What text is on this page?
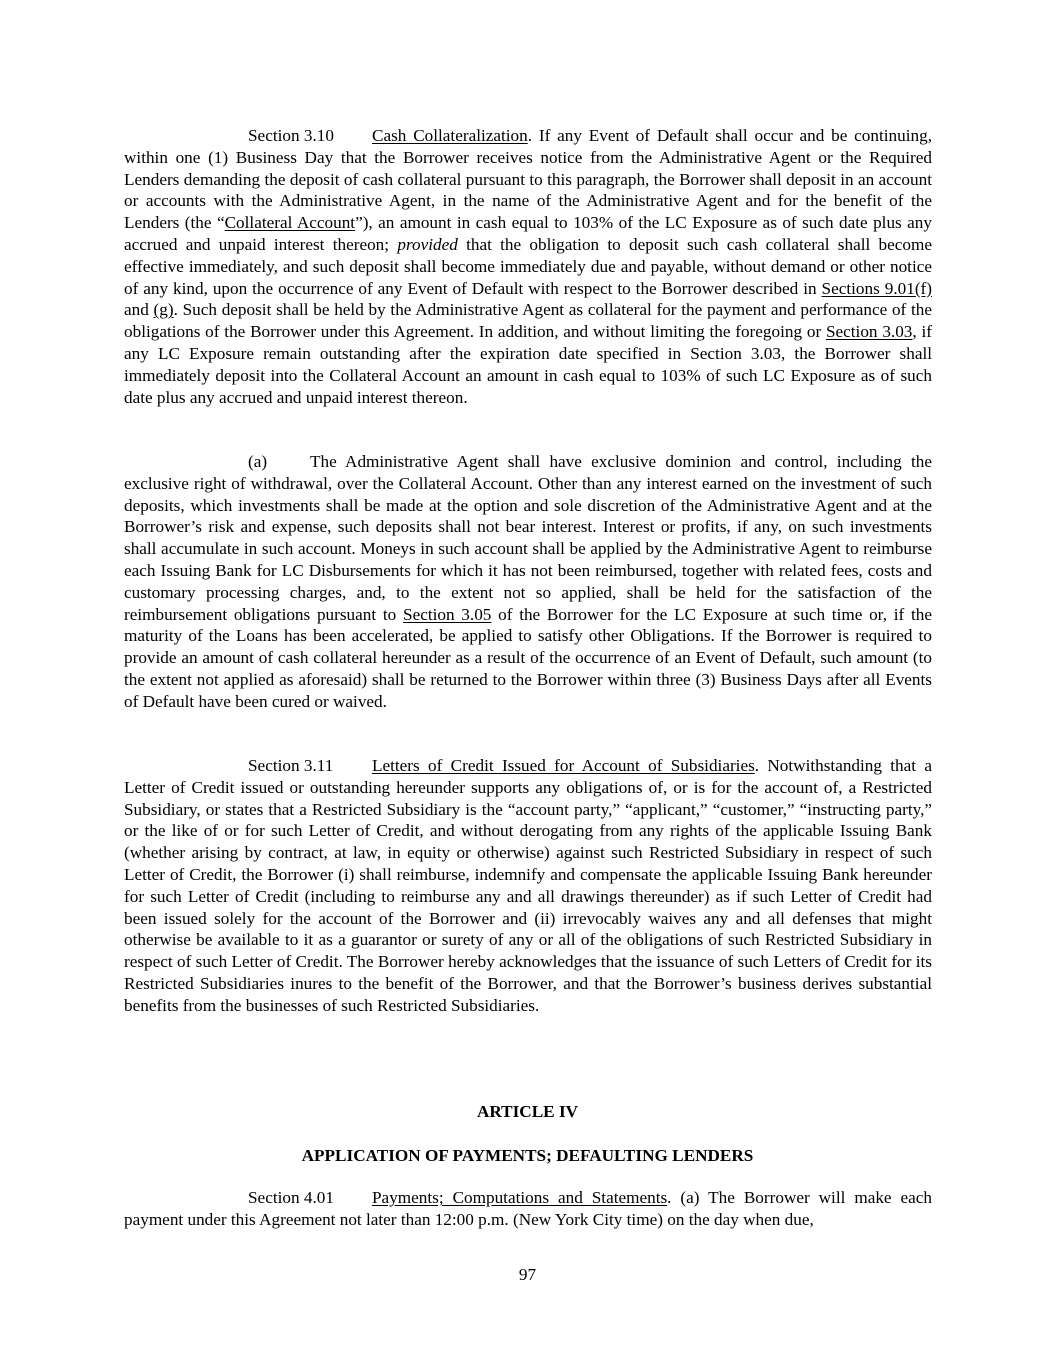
Section 3.10 Cash Collateralization. If any Event of Default shall occur and be continuing, within one (1) Business Day that the Borrower receives notice from the Administrative Agent or the Required Lenders demanding the deposit of cash collateral pursuant to this paragraph, the Borrower shall deposit in an account or accounts with the Administrative Agent, in the name of the Administrative Agent and for the benefit of the Lenders (the “Collateral Account”), an amount in cash equal to 103% of the LC Exposure as of such date plus any accrued and unpaid interest thereon; provided that the obligation to deposit such cash collateral shall become effective immediately, and such deposit shall become immediately due and payable, without demand or other notice of any kind, upon the occurrence of any Event of Default with respect to the Borrower described in Sections 9.01(f) and (g). Such deposit shall be held by the Administrative Agent as collateral for the payment and performance of the obligations of the Borrower under this Agreement. In addition, and without limiting the foregoing or Section 3.03, if any LC Exposure remain outstanding after the expiration date specified in Section 3.03, the Borrower shall immediately deposit into the Collateral Account an amount in cash equal to 103% of such LC Exposure as of such date plus any accrued and unpaid interest thereon.

(a) The Administrative Agent shall have exclusive dominion and control, including the exclusive right of withdrawal, over the Collateral Account. Other than any interest earned on the investment of such deposits, which investments shall be made at the option and sole discretion of the Administrative Agent and at the Borrower’s risk and expense, such deposits shall not bear interest. Interest or profits, if any, on such investments shall accumulate in such account. Moneys in such account shall be applied by the Administrative Agent to reimburse each Issuing Bank for LC Disbursements for which it has not been reimbursed, together with related fees, costs and customary processing charges, and, to the extent not so applied, shall be held for the satisfaction of the reimbursement obligations pursuant to Section 3.05 of the Borrower for the LC Exposure at such time or, if the maturity of the Loans has been accelerated, be applied to satisfy other Obligations. If the Borrower is required to provide an amount of cash collateral hereunder as a result of the occurrence of an Event of Default, such amount (to the extent not applied as aforesaid) shall be returned to the Borrower within three (3) Business Days after all Events of Default have been cured or waived.

Section 3.11 Letters of Credit Issued for Account of Subsidiaries. Notwithstanding that a Letter of Credit issued or outstanding hereunder supports any obligations of, or is for the account of, a Restricted Subsidiary, or states that a Restricted Subsidiary is the “account party,” “applicant,” “customer,” “instructing party,” or the like of or for such Letter of Credit, and without derogating from any rights of the applicable Issuing Bank (whether arising by contract, at law, in equity or otherwise) against such Restricted Subsidiary in respect of such Letter of Credit, the Borrower (i) shall reimburse, indemnify and compensate the applicable Issuing Bank hereunder for such Letter of Credit (including to reimburse any and all drawings thereunder) as if such Letter of Credit had been issued solely for the account of the Borrower and (ii) irrevocably waives any and all defenses that might otherwise be available to it as a guarantor or surety of any or all of the obligations of such Restricted Subsidiary in respect of such Letter of Credit. The Borrower hereby acknowledges that the issuance of such Letters of Credit for its Restricted Subsidiaries inures to the benefit of the Borrower, and that the Borrower’s business derives substantial benefits from the businesses of such Restricted Subsidiaries.

ARTICLE IV
APPLICATION OF PAYMENTS; DEFAULTING LENDERS

Section 4.01 Payments; Computations and Statements. (a) The Borrower will make each payment under this Agreement not later than 12:00 p.m. (New York City time) on the day when due,

97
